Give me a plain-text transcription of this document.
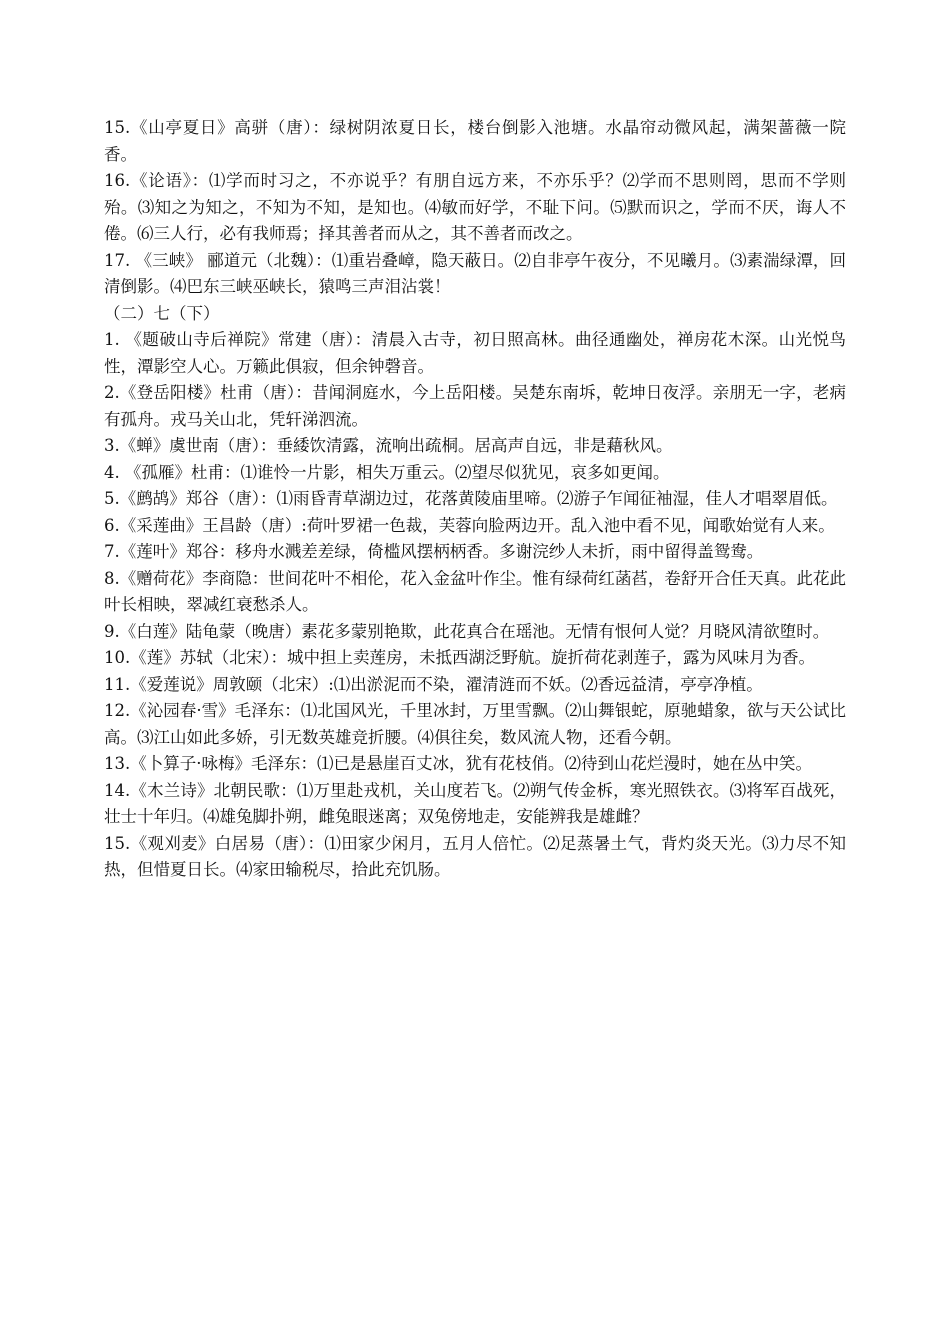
15.《山亭夏日》高骈（唐）：绿树阴浓夏日长，楼台倒影入池塘。水晶帘动微风起，满架蔷薇一院香。

16.《论语》：⑴学而时习之，不亦说乎？有朋自远方来，不亦乐乎？⑵学而不思则罔，思而不学则殆。⑶知之为知之，不知为不知，是知也。⑷敏而好学，不耻下问。⑸默而识之，学而不厌，诲人不倦。⑹三人行，必有我师焉；择其善者而从之，其不善者而改之。

17. 《三峡》 郦道元（北魏）：⑴重岩叠嶂，隐天蔽日。⑵自非亭午夜分，不见曦月。⑶素湍绿潭，回清倒影。⑷巴东三峡巫峡长，猿鸣三声泪沾裳！

（二）七（下）

1. 《题破山寺后禅院》常建（唐）：清晨入古寺，初日照高林。曲径通幽处，禅房花木深。山光悦鸟性，潭影空人心。万籁此俱寂，但余钟磬音。

2.《登岳阳楼》杜甫（唐）：昔闻洞庭水，今上岳阳楼。吴楚东南坼，乾坤日夜浮。亲朋无一字，老病有孤舟。戎马关山北，凭轩涕泗流。

3.《蝉》虞世南（唐）：垂緌饮清露，流响出疏桐。居高声自远，非是藉秋风。

4. 《孤雁》杜甫：⑴谁怜一片影，相失万重云。⑵望尽似犹见，哀多如更闻。

5.《鹧鸪》郑谷（唐）：⑴雨昏青草湖边过，花落黄陵庙里啼。⑵游子乍闻征袖湿，佳人才唱翠眉低。

6.《采莲曲》王昌龄（唐）:荷叶罗裙一色裁，芙蓉向脸两边开。乱入池中看不见，闻歌始觉有人来。

7.《莲叶》郑谷：移舟水溅差差绿，倚槛风摆柄柄香。多谢浣纱人未折，雨中留得盖鸳鸯。

8.《赠荷花》李商隐：世间花叶不相伦，花入金盆叶作尘。惟有绿荷红菡萏，卷舒开合任天真。此花此叶长相映，翠减红衰愁杀人。

9.《白莲》陆龟蒙（晚唐）素花多蒙别艳欺，此花真合在瑶池。无情有恨何人觉？月晓风清欲堕时。

10.《莲》苏轼（北宋）：城中担上卖莲房，未抵西湖泛野航。旋折荷花剥莲子，露为风味月为香。

11.《爱莲说》周敦颐（北宋）:⑴出淤泥而不染，濯清涟而不妖。⑵香远益清，亭亭净植。

12.《沁园春·雪》毛泽东：⑴北国风光，千里冰封，万里雪飘。⑵山舞银蛇，原驰蜡象，欲与天公试比高。⑶江山如此多娇，引无数英雄竞折腰。⑷俱往矣，数风流人物，还看今朝。

13.《卜算子·咏梅》毛泽东：⑴已是悬崖百丈冰，犹有花枝俏。⑵待到山花烂漫时，她在丛中笑。

14.《木兰诗》北朝民歌：⑴万里赴戎机，关山度若飞。⑵朔气传金柝，寒光照铁衣。⑶将军百战死，壮士十年归。⑷雄兔脚扑朔，雌兔眼迷离；双兔傍地走，安能辨我是雄雌？

15.《观刈麦》白居易（唐）：⑴田家少闲月，五月人倍忙。⑵足蒸暑土气，背灼炎天光。⑶力尽不知热，但惜夏日长。⑷家田输税尽，拾此充饥肠。
